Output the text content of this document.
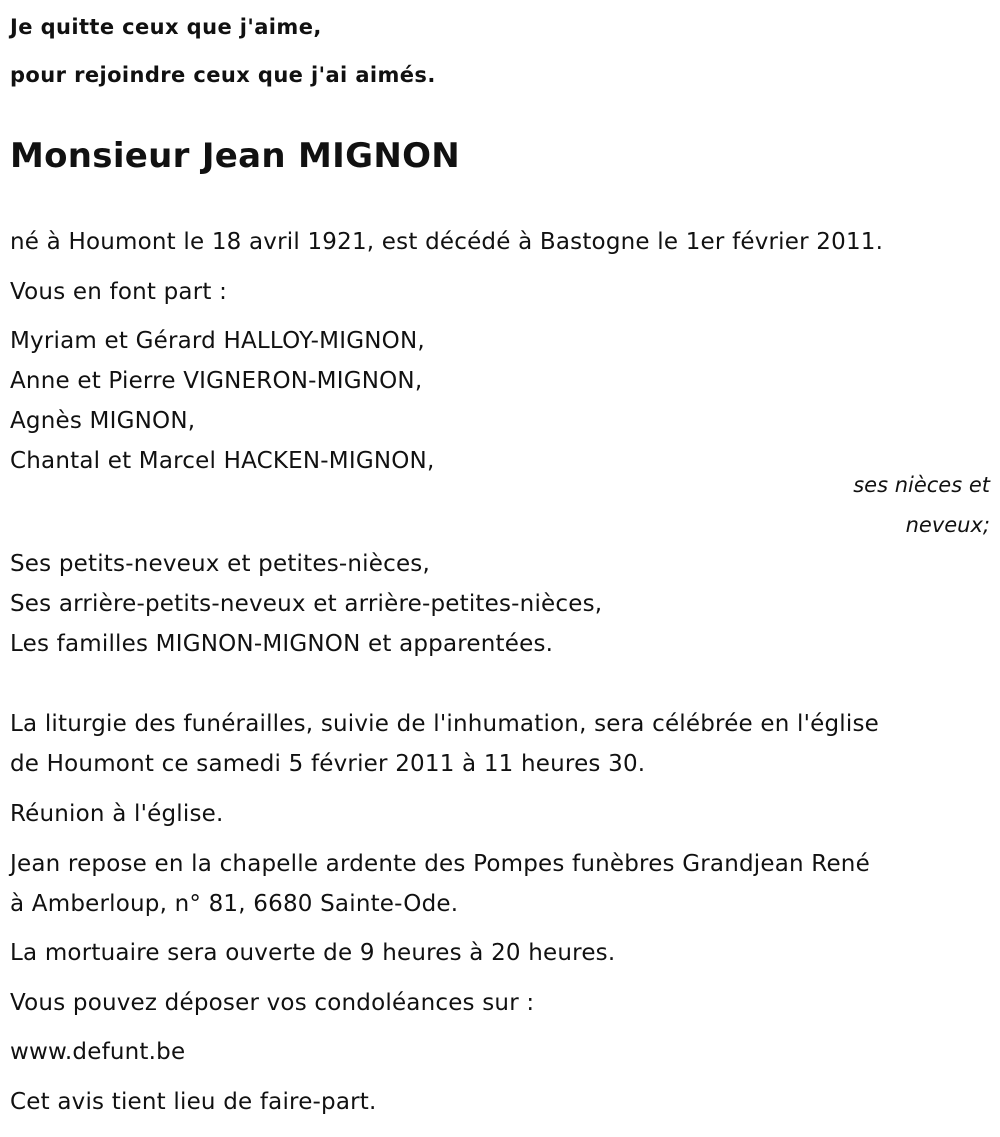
Je quitte ceux que j'aime,

pour rejoindre ceux que j'ai aimés.

Monsieur Jean MIGNON

né à Houmont le 18 avril 1921, est décédé à Bastogne le 1er février 2011.

Vous en font part :

Myriam et Gérard HALLOY-MIGNON,

Anne et Pierre VIGNERON-MIGNON,

Agnès MIGNON,

Chantal et Marcel HACKEN-MIGNON,

ses nièces et

neveux;

Ses petits-neveux et petites-nièces,

Ses arrière-petits-neveux et arrière-petites-nièces,

Les familles MIGNON-MIGNON et apparentées.

La liturgie des funérailles, suivie de l'inhumation, sera célébrée en l'église

de Houmont ce samedi 5 février 2011 à 11 heures 30.

Réunion à l'église.

Jean repose en la chapelle ardente des Pompes funèbres Grandjean René

à Amberloup, n° 81, 6680 Sainte-Ode.

La mortuaire sera ouverte de 9 heures à 20 heures.

Vous pouvez déposer vos condoléances sur :

www.defunt.be

Cet avis tient lieu de faire-part.
